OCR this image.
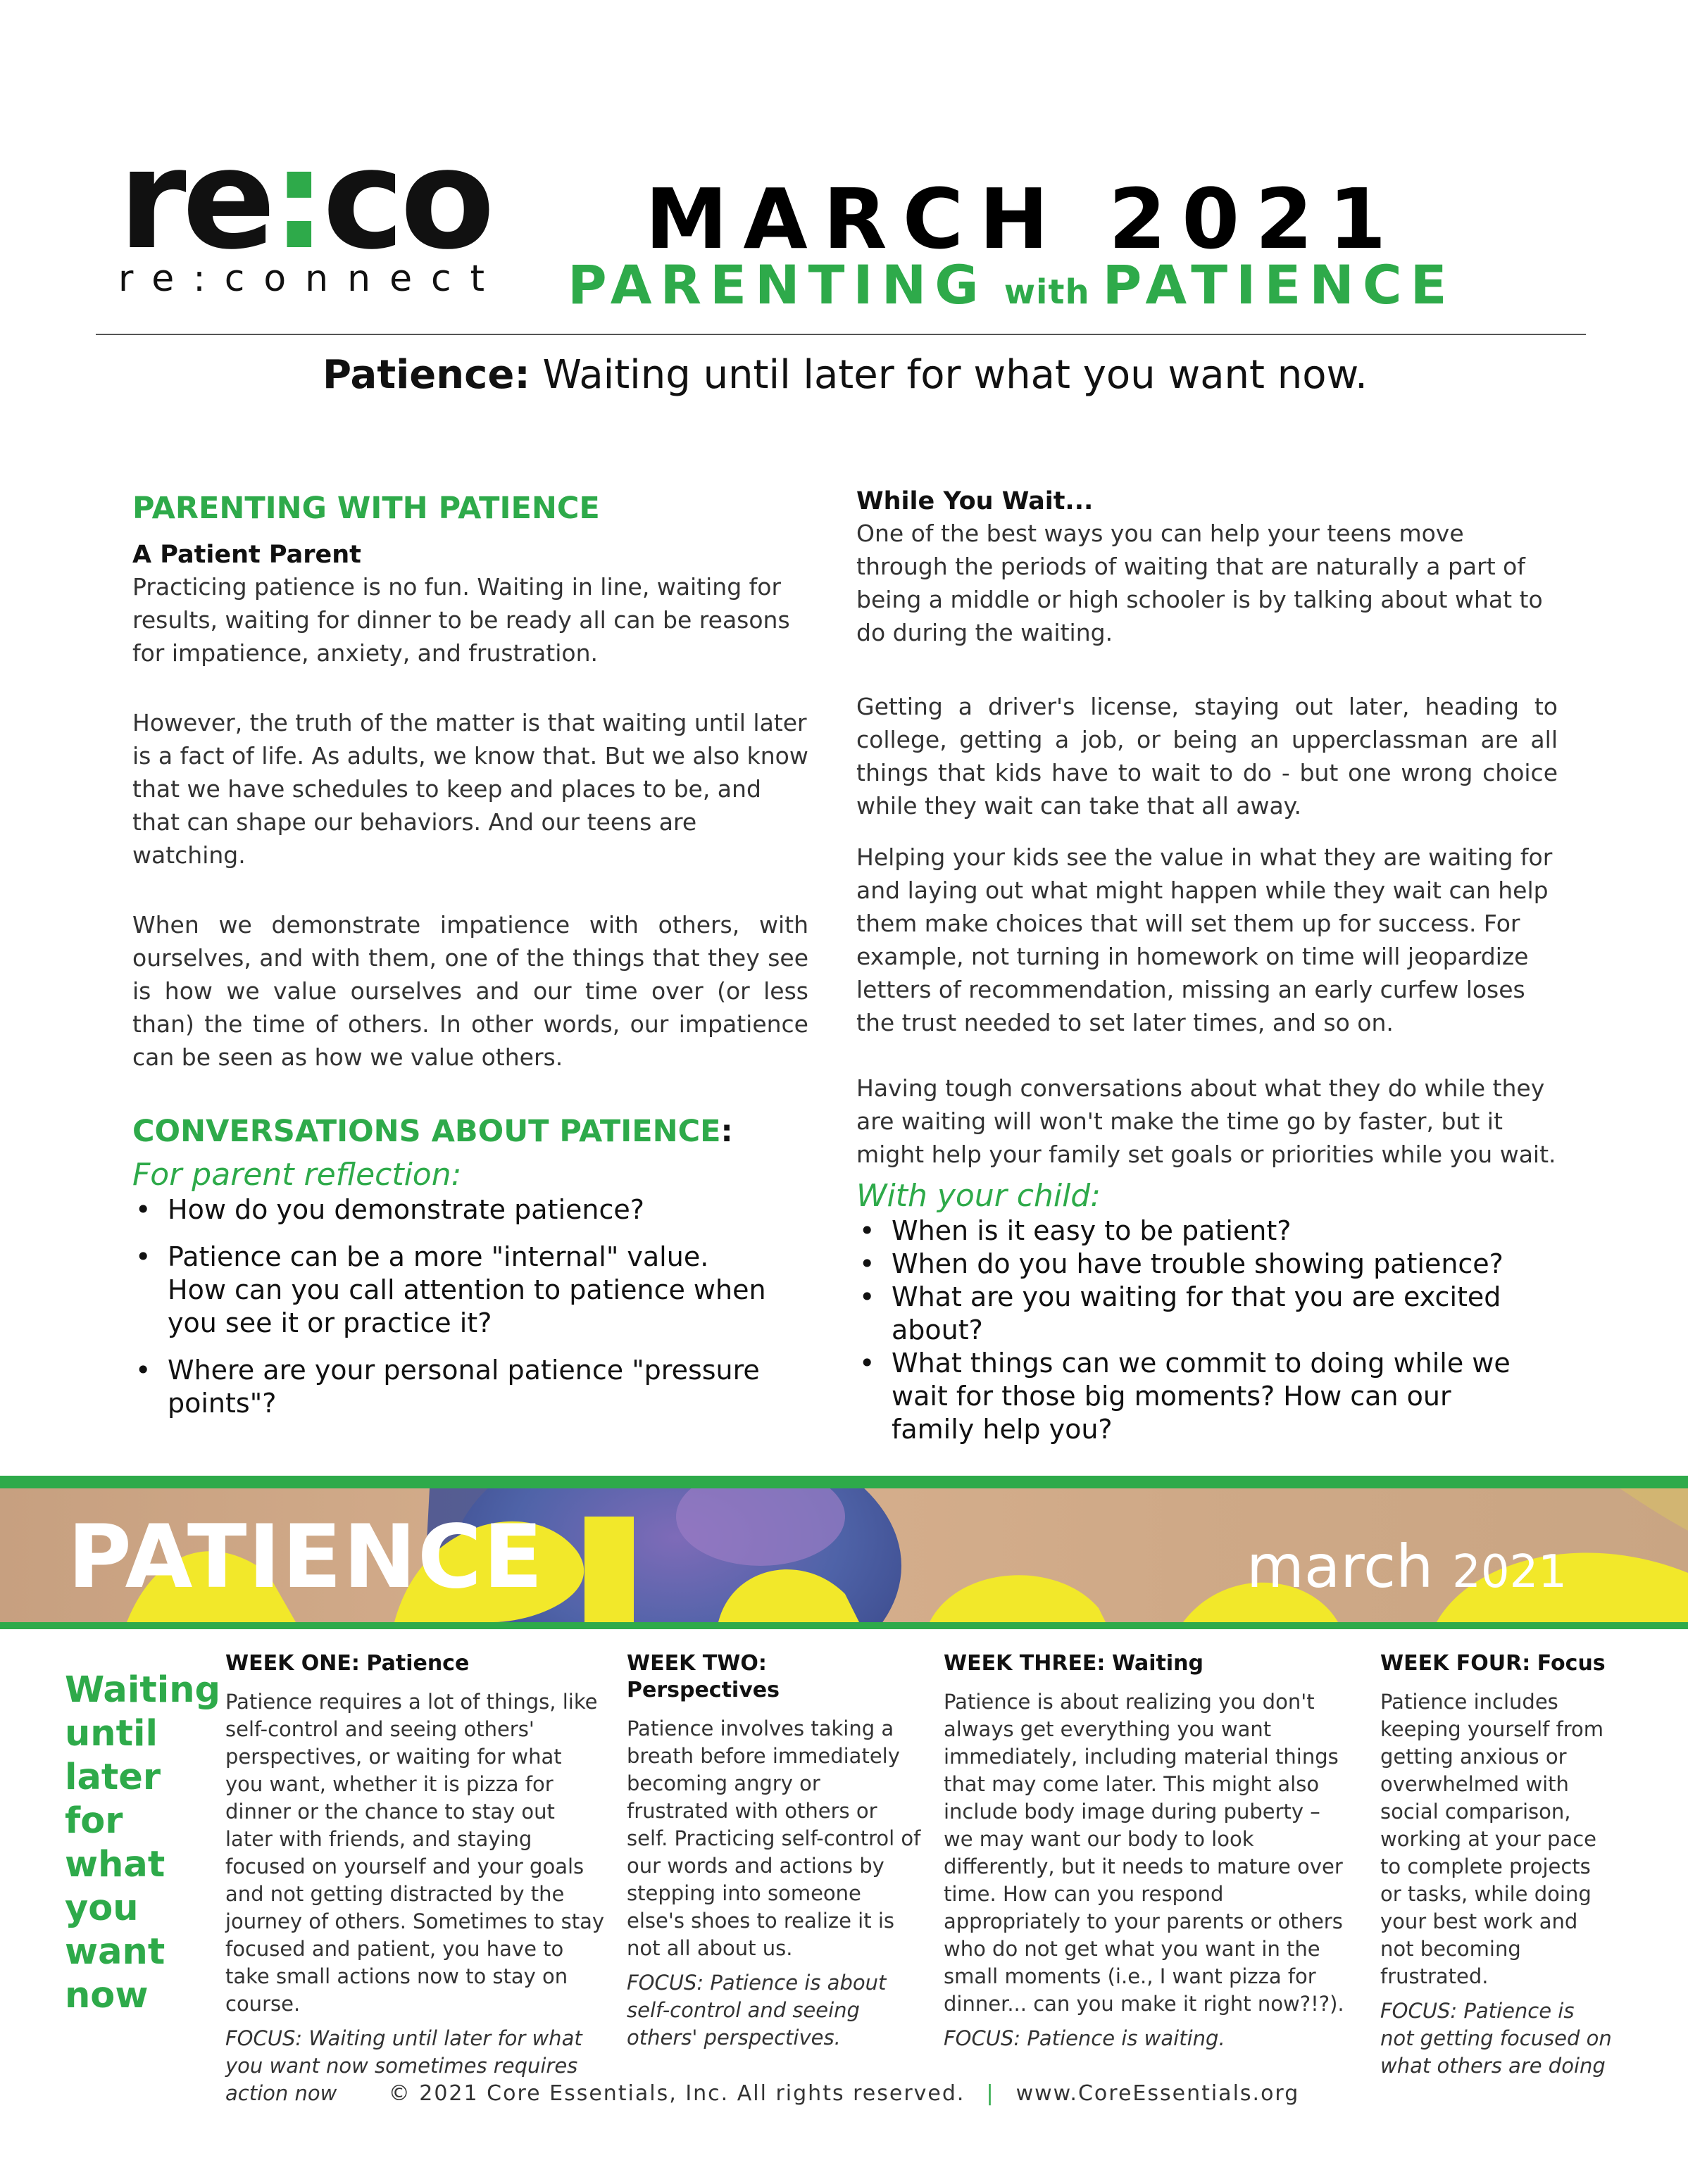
re:co
re:connect
MARCH 2021
PARENTING with PATIENCE
Patience: Waiting until later for what you want now.
PARENTING WITH PATIENCE
A Patient Parent

Practicing patience is no fun. Waiting in line, waiting for results, waiting for dinner to be ready all can be reasons for impatience, anxiety, and frustration.

However, the truth of the matter is that waiting until later is a fact of life. As adults, we know that. But we also know that we have schedules to keep and places to be, and that can shape our behaviors. And our teens are watching.

When we demonstrate impatience with others, with ourselves, and with them, one of the things that they see is how we value ourselves and our time over (or less than) the time of others. In other words, our impatience can be seen as how we value others.

CONVERSATIONS ABOUT PATIENCE:
For parent reflection:
• How do you demonstrate patience?
• Patience can be a more "internal" value. How can you call attention to patience when you see it or practice it?
• Where are your personal patience "pressure points"?
While You Wait...

One of the best ways you can help your teens move through the periods of waiting that are naturally a part of being a middle or high schooler is by talking about what to do during the waiting.

Getting a driver's license, staying out later, heading to college, getting a job, or being an upperclassman are all things that kids have to wait to do - but one wrong choice while they wait can take that all away.

Helping your kids see the value in what they are waiting for and laying out what might happen while they wait can help them make choices that will set them up for success. For example, not turning in homework on time will jeopardize letters of recommendation, missing an early curfew loses the trust needed to set later times, and so on.

Having tough conversations about what they do while they are waiting will won't make the time go by faster, but it might help your family set goals or priorities while you wait.

With your child:
• When is it easy to be patient?
• When do you have trouble showing patience?
• What are you waiting for that you are excited about?
• What things can we commit to doing while we wait for those big moments? How can our family help you?
PATIENCE	march 2021
Waiting
until
later for
what
you
want
now
WEEK ONE: Patience

Patience requires a lot of things, like self-control and seeing others' perspectives, or waiting for what you want, whether it is pizza for dinner or the chance to stay out later with friends, and staying focused on yourself and your goals and not getting distracted by the journey of others. Sometimes to stay focused and patient, you have to take small actions now to stay on course.

FOCUS: Waiting until later for what you want now sometimes requires action now

WEEK TWO: Perspectives

Patience involves taking a breath before immediately becoming angry or frustrated with others or self. Practicing self-control of our words and actions by stepping into someone else's shoes to realize it is not all about us.

FOCUS: Patience is about self-control and seeing others' perspectives.

WEEK THREE: Waiting

Patience is about realizing you don't always get everything you want immediately, including material things that may come later. This might also include body image during puberty – we may want our body to look differently, but it needs to mature over time. How can you respond appropriately to your parents or others who do not get what you want in the small moments (i.e., I want pizza for dinner... can you make it right now?!?).

FOCUS: Patience is waiting.

WEEK FOUR: Focus

Patience includes keeping yourself from getting anxious or overwhelmed with social comparison, working at your pace to complete projects or tasks, while doing your best work and not becoming frustrated.

FOCUS: Patience is not getting focused on what others are doing

© 2021 Core Essentials, Inc. All rights reserved. | www.CoreEssentials.org
